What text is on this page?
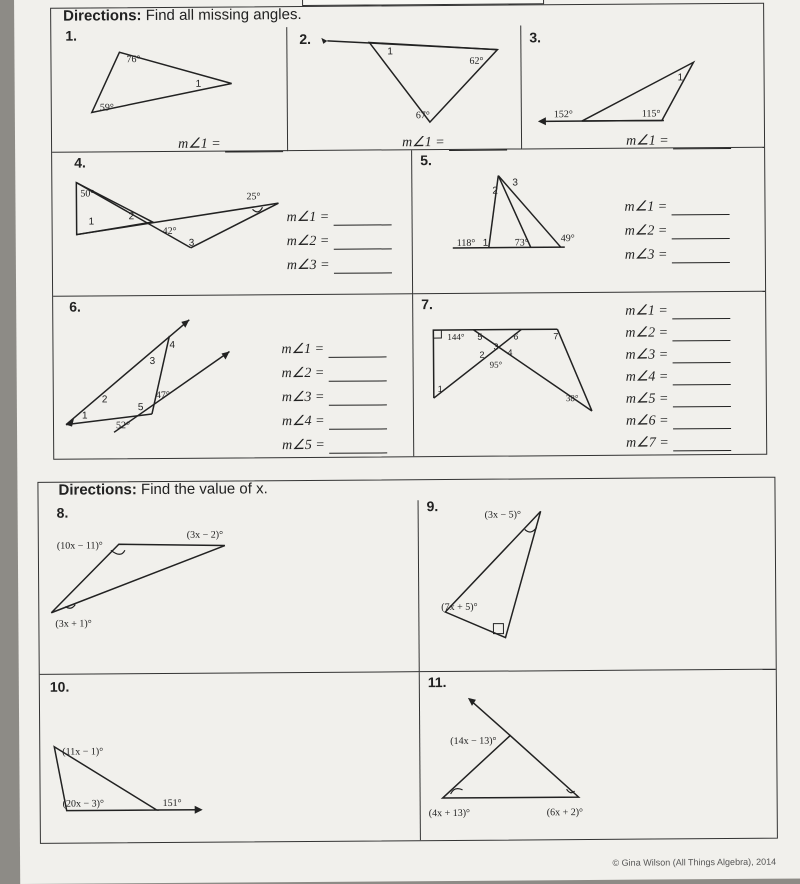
Directions: Find all missing angles.
1.
76°
59°
1
m∠1 =
2.
1
62°
67°
m∠1 =
3.
152°	115°
1
m∠1 =
4.
50°
1	2
42°
25°
3
m∠1 =
m∠2 =
m∠3 =
5.
2
3
118° 1	73°	49°
m∠1 =
m∠2 =
m∠3 =
6.
4
3
2
1
5
47°
52°
m∠1 =
m∠2 =
m∠3 =
m∠4 =
m∠5 =
7.
144° 5	6	7
3
2	4
95°
1
38°
m∠1 =
m∠2 =
m∠3 =
m∠4 =
m∠5 =
m∠6 =
m∠7 =
Directions: Find the value of x.
8.
(10x − 11)°
(3x − 2)°
(3x + 1)°
9.
(3x − 5)°
(7x + 5)°
10.
(11x − 1)°
(20x − 3)°	151°
11.
(14x − 13)°
(4x + 13)°	(6x + 2)°
© Gina Wilson (All Things Algebra), 2014
